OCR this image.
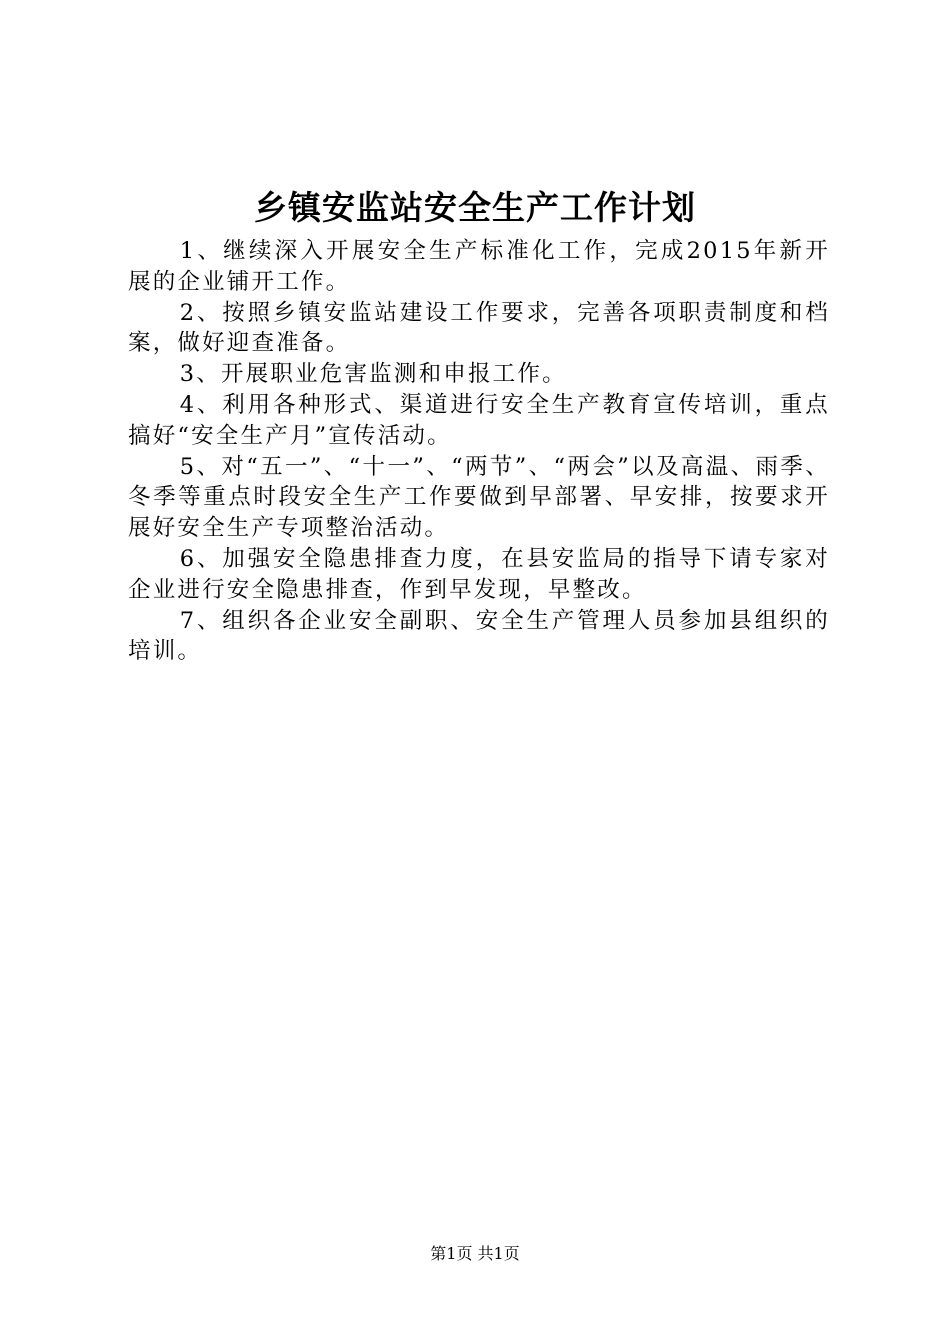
乡镇安监站安全生产工作计划

1、继续深入开展安全生产标准化工作，完成2015年新开展的企业铺开工作。

2、按照乡镇安监站建设工作要求，完善各项职责制度和档案，做好迎查准备。

3、开展职业危害监测和申报工作。

4、利用各种形式、渠道进行安全生产教育宣传培训，重点搞好“安全生产月”宣传活动。

5、对“五一”、“十一”、“两节”、“两会”以及高温、雨季、冬季等重点时段安全生产工作要做到早部署、早安排，按要求开展好安全生产专项整治活动。

6、加强安全隐患排查力度，在县安监局的指导下请专家对企业进行安全隐患排查，作到早发现，早整改。

7、组织各企业安全副职、安全生产管理人员参加县组织的培训。

第1页 共1页
